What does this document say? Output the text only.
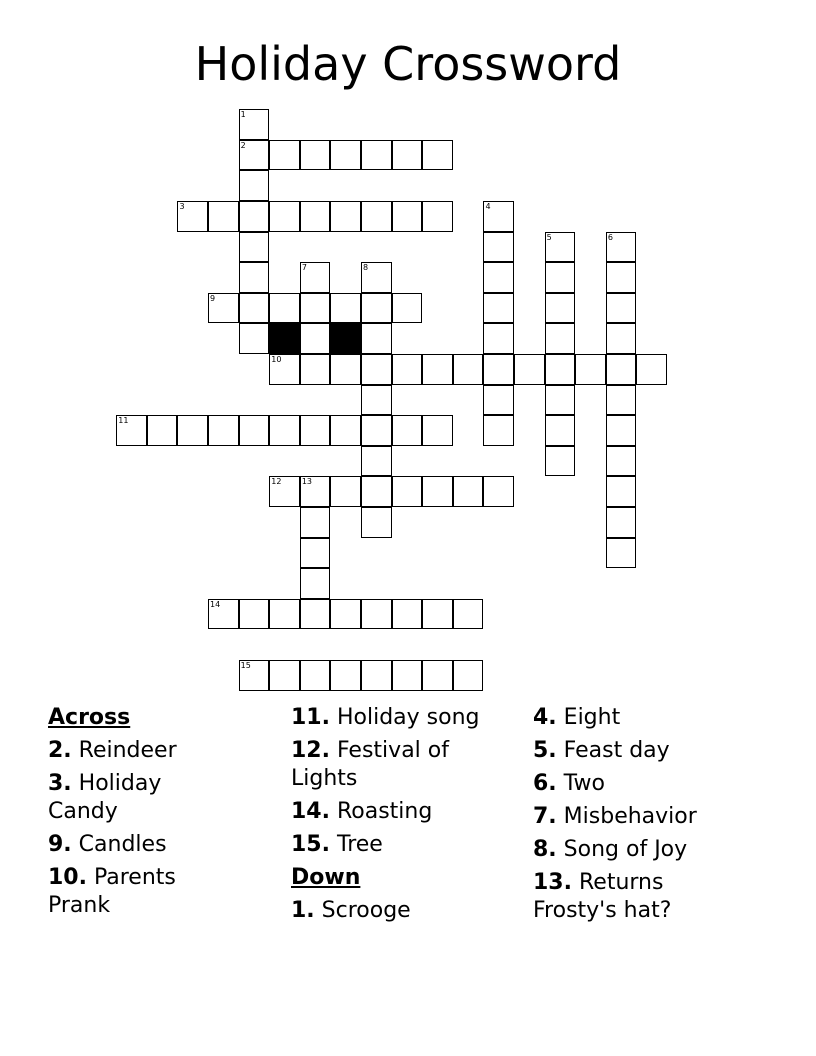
Holiday Crossword
1
2
3	4
5	6
7	8
9
10
11
12	13
14
15
Across
2. Reindeer
3. Holiday Candy
9. Candles
10. Parents Prank
11. Holiday song
12. Festival of Lights
14. Roasting
15. Tree
Down
1. Scrooge
4. Eight
5. Feast day
6. Two
7. Misbehavior
8. Song of Joy
13. Returns Frosty's hat?
